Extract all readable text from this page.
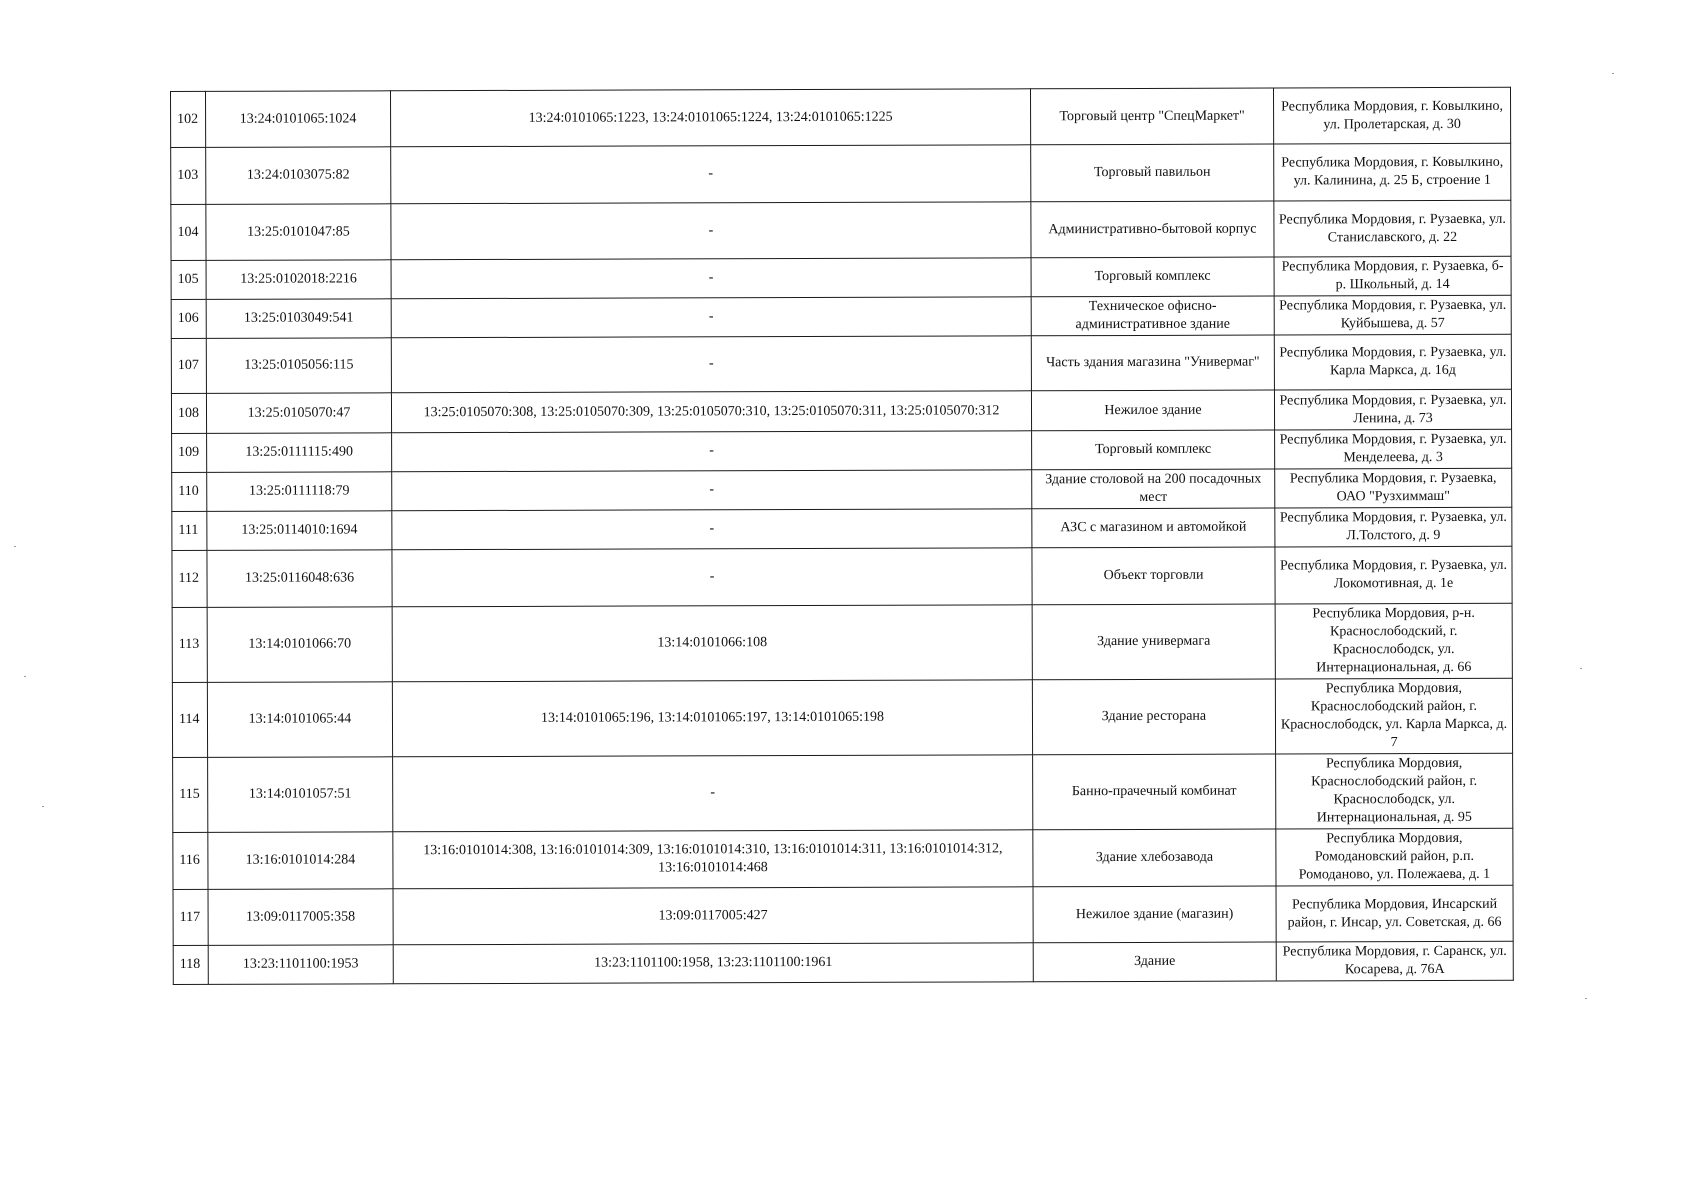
102	13:24:0101065:1024	13:24:0101065:1223, 13:24:0101065:1224, 13:24:0101065:1225	Торговый центр "СпецМаркет"	Республика Мордовия, г. Ковылкино, ул. Пролетарская, д. 30
103	13:24:0103075:82	-	Торговый павильон	Республика Мордовия, г. Ковылкино, ул. Калинина, д. 25 Б, строение 1
104	13:25:0101047:85	-	Административно-бытовой корпус	Республика Мордовия, г. Рузаевка, ул. Станиславского, д. 22
105	13:25:0102018:2216	-	Торговый комплекс	Республика Мордовия, г. Рузаевка, б-р. Школьный, д. 14
106	13:25:0103049:541	-	Техническое офисно-административное здание	Республика Мордовия, г. Рузаевка, ул. Куйбышева, д. 57
107	13:25:0105056:115	-	Часть здания магазина "Универмаг"	Республика Мордовия, г. Рузаевка, ул. Карла Маркса, д. 16д
108	13:25:0105070:47	13:25:0105070:308, 13:25:0105070:309, 13:25:0105070:310, 13:25:0105070:311, 13:25:0105070:312	Нежилое здание	Республика Мордовия, г. Рузаевка, ул. Ленина, д. 73
109	13:25:0111115:490	-	Торговый комплекс	Республика Мордовия, г. Рузаевка, ул. Менделеева, д. 3
110	13:25:0111118:79	-	Здание столовой на 200 посадочных мест	Республика Мордовия, г. Рузаевка, ОАО "Рузхиммаш"
111	13:25:0114010:1694	-	АЗС с магазином и автомойкой	Республика Мордовия, г. Рузаевка, ул. Л.Толстого, д. 9
112	13:25:0116048:636	-	Объект торговли	Республика Мордовия, г. Рузаевка, ул. Локомотивная, д. 1е
113	13:14:0101066:70	13:14:0101066:108	Здание универмага	Республика Мордовия, р-н. Краснослободский, г. Краснослободск, ул. Интернациональная, д. 66
114	13:14:0101065:44	13:14:0101065:196, 13:14:0101065:197, 13:14:0101065:198	Здание ресторана	Республика Мордовия, Краснослободский район, г. Краснослободск, ул. Карла Маркса, д. 7
115	13:14:0101057:51	-	Банно-прачечный комбинат	Республика Мордовия, Краснослободский район, г. Краснослободск, ул. Интернациональная, д. 95
116	13:16:0101014:284	13:16:0101014:308, 13:16:0101014:309, 13:16:0101014:310, 13:16:0101014:311, 13:16:0101014:312, 13:16:0101014:468	Здание хлебозавода	Республика Мордовия, Ромодановский район, р.п. Ромоданово, ул. Полежаева, д. 1
117	13:09:0117005:358	13:09:0117005:427	Нежилое здание (магазин)	Республика Мордовия, Инсарский район, г. Инсар, ул. Советская, д. 66
118	13:23:1101100:1953	13:23:1101100:1958, 13:23:1101100:1961	Здание	Республика Мордовия, г. Саранск, ул. Косарева, д. 76А
